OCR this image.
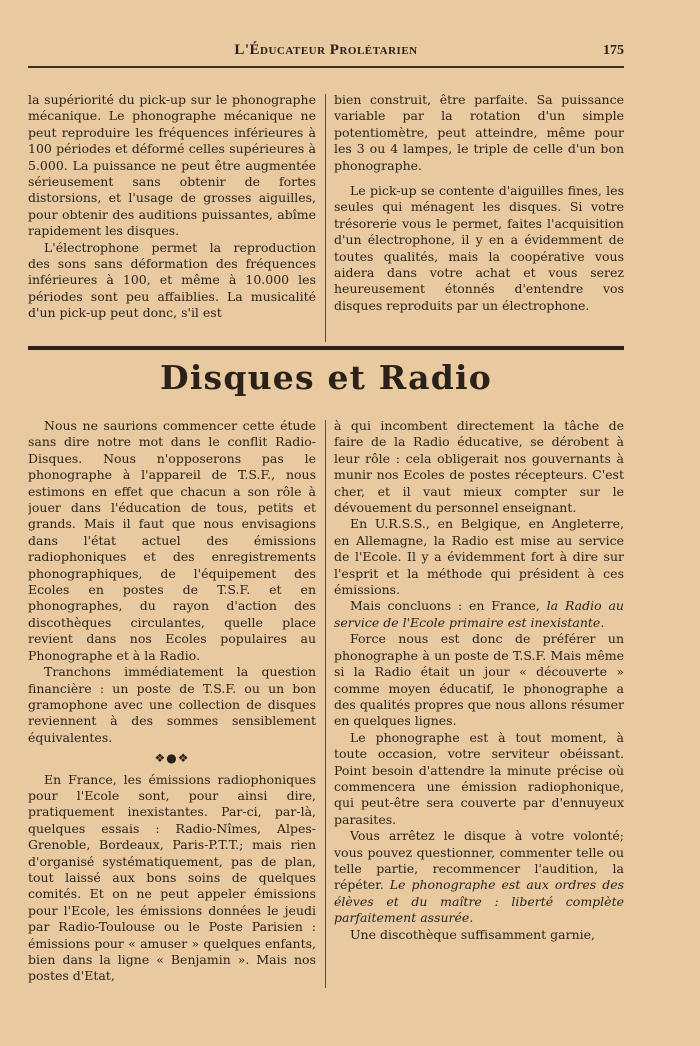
L'Éducateur Prolétarien	175

la supériorité du pick-up sur le phonographe mécanique. Le phonographe mécanique ne peut reproduire les fréquences inférieures à 100 périodes et déformé celles supérieures à 5.000. La puissance ne peut être augmentée sérieusement sans obtenir de fortes distorsions, et l'usage de grosses aiguilles, pour obtenir des auditions puissantes, abîme rapidement les disques.

L'électrophone permet la reproduction des sons sans déformation des fréquences inférieures à 100, et même à 10.000 les périodes sont peu affaiblies. La musicalité d'un pick-up peut donc, s'il est

bien construit, être parfaite. Sa puissance variable par la rotation d'un simple potentiomètre, peut atteindre, même pour les 3 ou 4 lampes, le triple de celle d'un bon phonographe.

Le pick-up se contente d'aiguilles fines, les seules qui ménagent les disques. Si votre trésorerie vous le permet, faites l'acquisition d'un électrophone, il y en a évidemment de toutes qualités, mais la coopérative vous aidera dans votre achat et vous serez heureusement étonnés d'entendre vos disques reproduits par un électrophone.

Disques et Radio

Nous ne saurions commencer cette étude sans dire notre mot dans le conflit Radio-Disques. Nous n'opposerons pas le phonographe à l'appareil de T.S.F., nous estimons en effet que chacun a son rôle à jouer dans l'éducation de tous, petits et grands. Mais il faut que nous envisagions dans l'état actuel des émissions radiophoniques et des enregistrements phonographiques, de l'équipement des Ecoles en postes de T.S.F. et en phonographes, du rayon d'action des discothèques circulantes, quelle place revient dans nos Ecoles populaires au Phonographe et à la Radio.

Tranchons immédiatement la question financière : un poste de T.S.F. ou un bon gramophone avec une collection de disques reviennent à des sommes sensiblement équivalentes.

❖●❖

En France, les émissions radiophoniques pour l'Ecole sont, pour ainsi dire, pratiquement inexistantes. Par-ci, par-là, quelques essais : Radio-Nîmes, Alpes-Grenoble, Bordeaux, Paris-P.T.T.; mais rien d'organisé systématiquement, pas de plan, tout laissé aux bons soins de quelques comités. Et on ne peut appeler émissions pour l'Ecole, les émissions données le jeudi par Radio-Toulouse ou le Poste Parisien : émissions pour « amuser » quelques enfants, bien dans la ligne « Benjamin ». Mais nos postes d'Etat,

à qui incombent directement la tâche de faire de la Radio éducative, se dérobent à leur rôle : cela obligerait nos gouvernants à munir nos Ecoles de postes récepteurs. C'est cher, et il vaut mieux compter sur le dévouement du personnel enseignant.

En U.R.S.S., en Belgique, en Angleterre, en Allemagne, la Radio est mise au service de l'Ecole. Il y a évidemment fort à dire sur l'esprit et la méthode qui président à ces émissions.

Mais concluons : en France, la Radio au service de l'Ecole primaire est inexistante.

Force nous est donc de préférer un phonographe à un poste de T.S.F. Mais même si la Radio était un jour « découverte » comme moyen éducatif, le phonographe a des qualités propres que nous allons résumer en quelques lignes.

Le phonographe est à tout moment, à toute occasion, votre serviteur obéissant. Point besoin d'attendre la minute précise où commencera une émission radiophonique, qui peut-être sera couverte par d'ennuyeux parasites.

Vous arrêtez le disque à votre volonté; vous pouvez questionner, commenter telle ou telle partie, recommencer l'audition, la répéter. Le phonographe est aux ordres des élèves et du maître : liberté complète parfaitement assurée.

Une discothèque suffisamment garnie,
